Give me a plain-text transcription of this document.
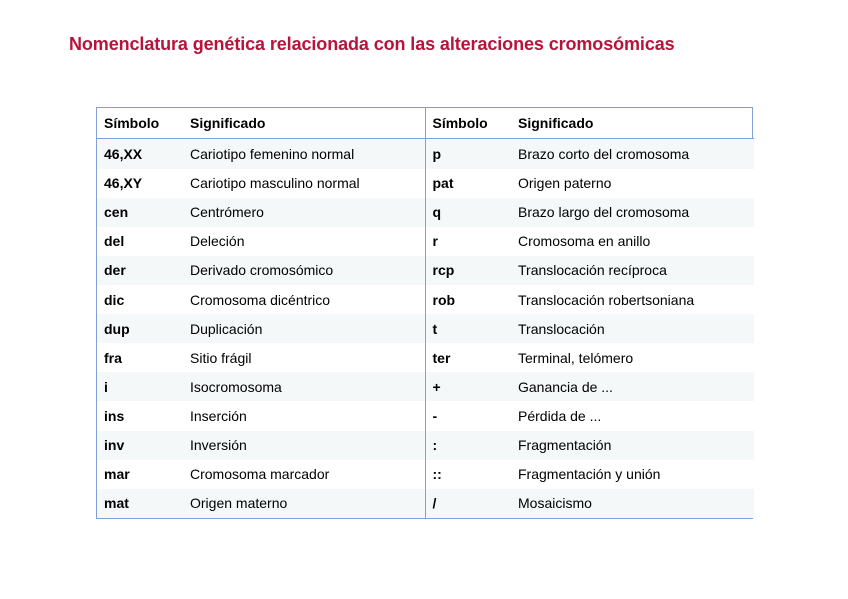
Nomenclatura genética relacionada con las alteraciones cromosómicas
Símbolo	Significado	Símbolo	Significado
46,XX	Cariotipo femenino normal	p	Brazo corto del cromosoma
46,XY	Cariotipo masculino normal	pat	Origen paterno
cen	Centrómero	q	Brazo largo del cromosoma
del	Deleción	r	Cromosoma en anillo
der	Derivado cromosómico	rcp	Translocación recíproca
dic	Cromosoma dicéntrico	rob	Translocación robertsoniana
dup	Duplicación	t	Translocación
fra	Sitio frágil	ter	Terminal, telómero
i	Isocromosoma	+	Ganancia de ...
ins	Inserción	-	Pérdida de ...
inv	Inversión	:	Fragmentación
mar	Cromosoma marcador	::	Fragmentación y unión
mat	Origen materno	/	Mosaicismo
